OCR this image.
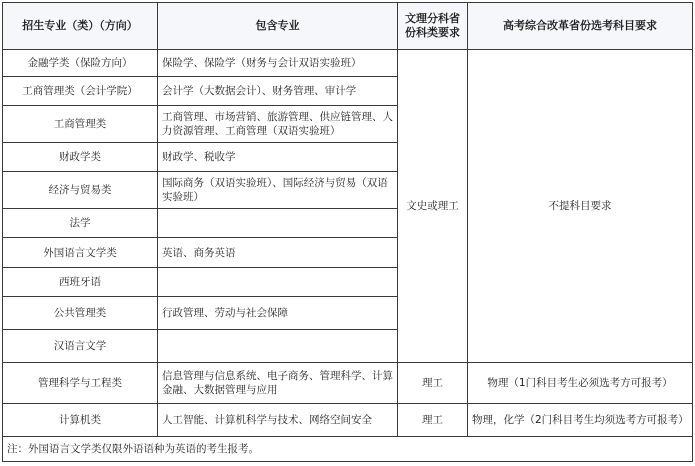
招生专业（类）（方向）	包含专业	文理分科省份科类要求	高考综合改革省份选考科目要求
金融学类（保险方向）	保险学、保险学（财务与会计双语实验班）	文史或理工	不提科目要求
工商管理类（会计学院）	会计学（大数据会计）、财务管理、审计学		
工商管理类	工商管理、市场营销、旅游管理、供应链管理、人力资源管理、工商管理（双语实验班）		
财政学类	财政学、税收学		
经济与贸易类	国际商务（双语实验班）、国际经济与贸易（双语实验班）		
法学			
外国语言文学类	英语、商务英语		
西班牙语			
公共管理类	行政管理、劳动与社会保障		
汉语言文学			
管理科学与工程类	信息管理与信息系统、电子商务、管理科学、计算金融、大数据管理与应用	理工	物理（1门科目考生必须选考方可报考）
计算机类	人工智能、计算机科学与技术、网络空间安全	理工	物理，化学（2门科目考生均须选考方可报考）
注：外国语言文学类仅限外语语种为英语的考生报考。			
